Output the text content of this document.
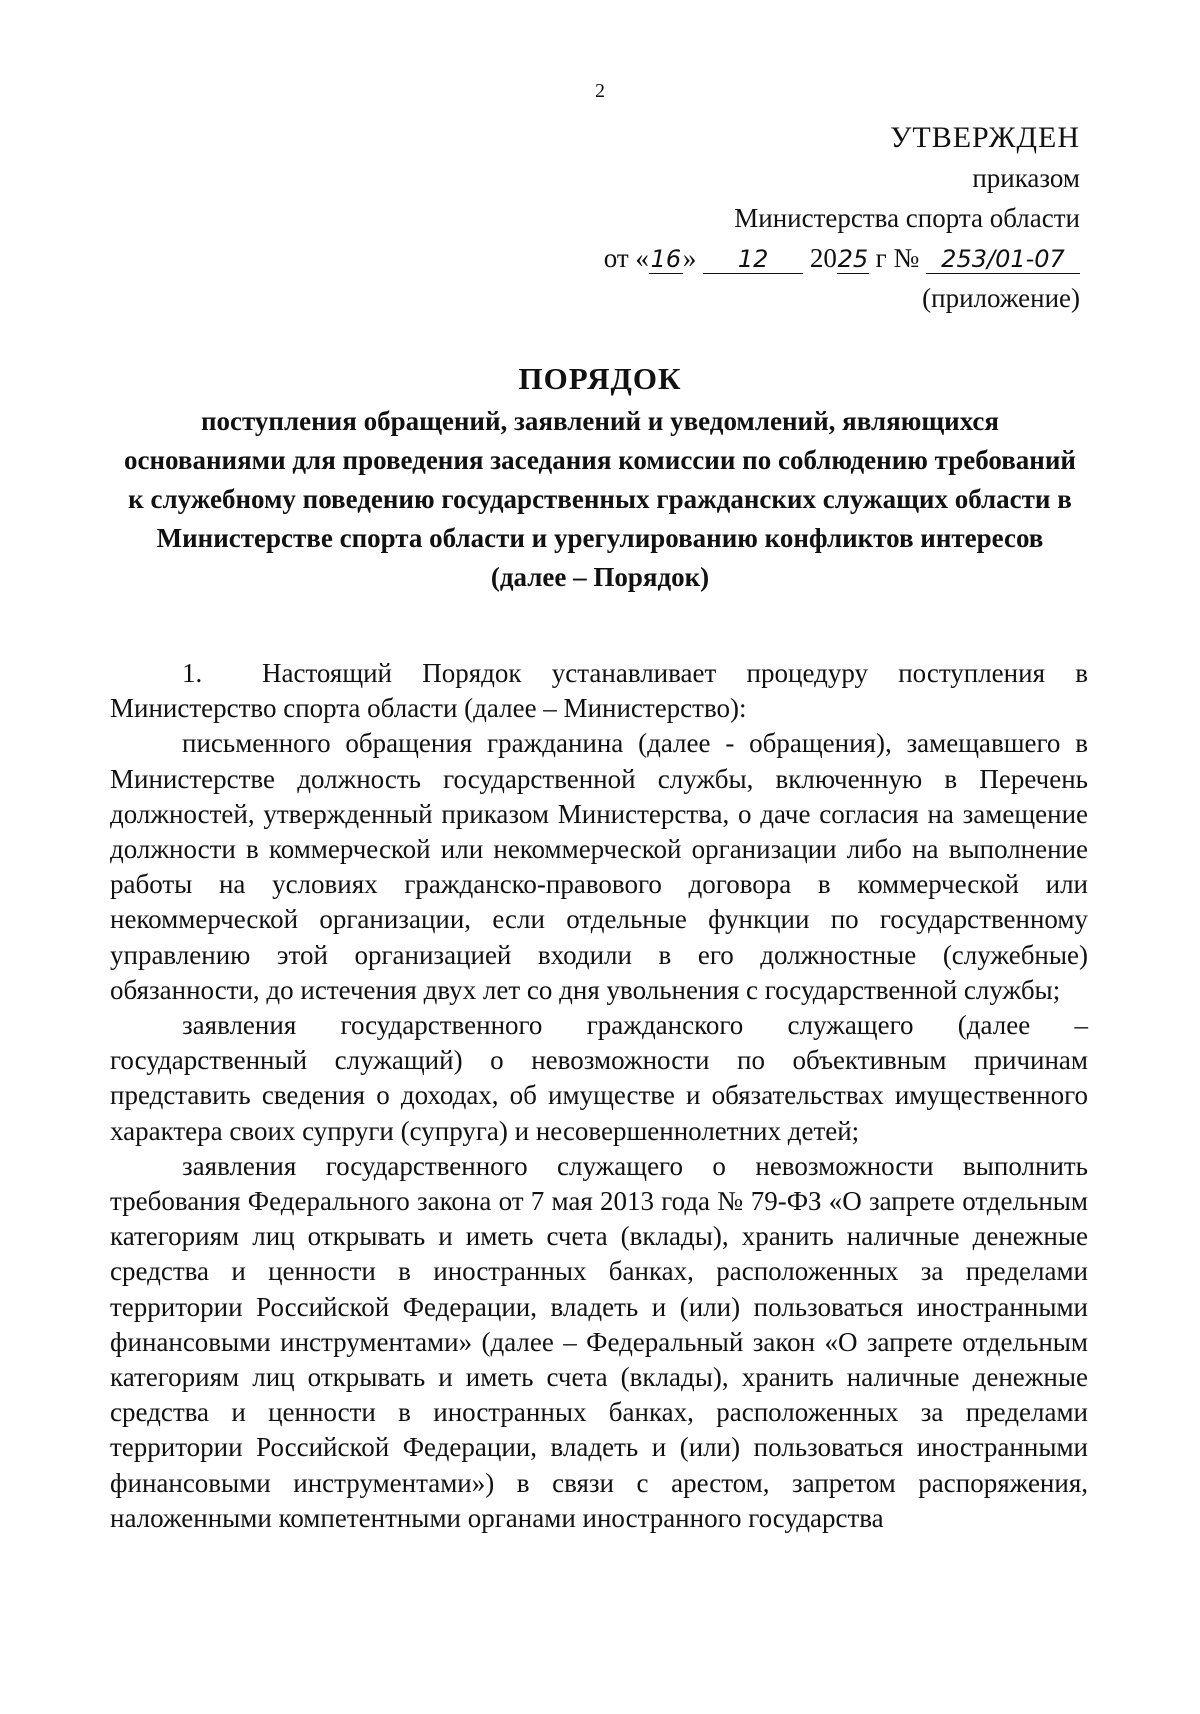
2
УТВЕРЖДЕН
приказом
Министерства спорта области
от «16» 12 2025 г № 253/01-07
(приложение)
ПОРЯДОК
поступления обращений, заявлений и уведомлений, являющихся основаниями для проведения заседания комиссии по соблюдению требований к служебному поведению государственных гражданских служащих области в Министерстве спорта области и урегулированию конфликтов интересов
(далее – Порядок)

1. Настоящий Порядок устанавливает процедуру поступления в Министерство спорта области (далее – Министерство):

письменного обращения гражданина (далее - обращения), замещавшего в Министерстве должность государственной службы, включенную в Перечень должностей, утвержденный приказом Министерства, о даче согласия на замещение должности в коммерческой или некоммерческой организации либо на выполнение работы на условиях гражданско-правового договора в коммерческой или некоммерческой организации, если отдельные функции по государственному управлению этой организацией входили в его должностные (служебные) обязанности, до истечения двух лет со дня увольнения с государственной службы;

заявления государственного гражданского служащего (далее – государственный служащий) о невозможности по объективным причинам представить сведения о доходах, об имуществе и обязательствах имущественного характера своих супруги (супруга) и несовершеннолетних детей;

заявления государственного служащего о невозможности выполнить требования Федерального закона от 7 мая 2013 года № 79-ФЗ «О запрете отдельным категориям лиц открывать и иметь счета (вклады), хранить наличные денежные средства и ценности в иностранных банках, расположенных за пределами территории Российской Федерации, владеть и (или) пользоваться иностранными финансовыми инструментами» (далее – Федеральный закон «О запрете отдельным категориям лиц открывать и иметь счета (вклады), хранить наличные денежные средства и ценности в иностранных банках, расположенных за пределами территории Российской Федерации, владеть и (или) пользоваться иностранными финансовыми инструментами») в связи с арестом, запретом распоряжения, наложенными компетентными органами иностранного государства
